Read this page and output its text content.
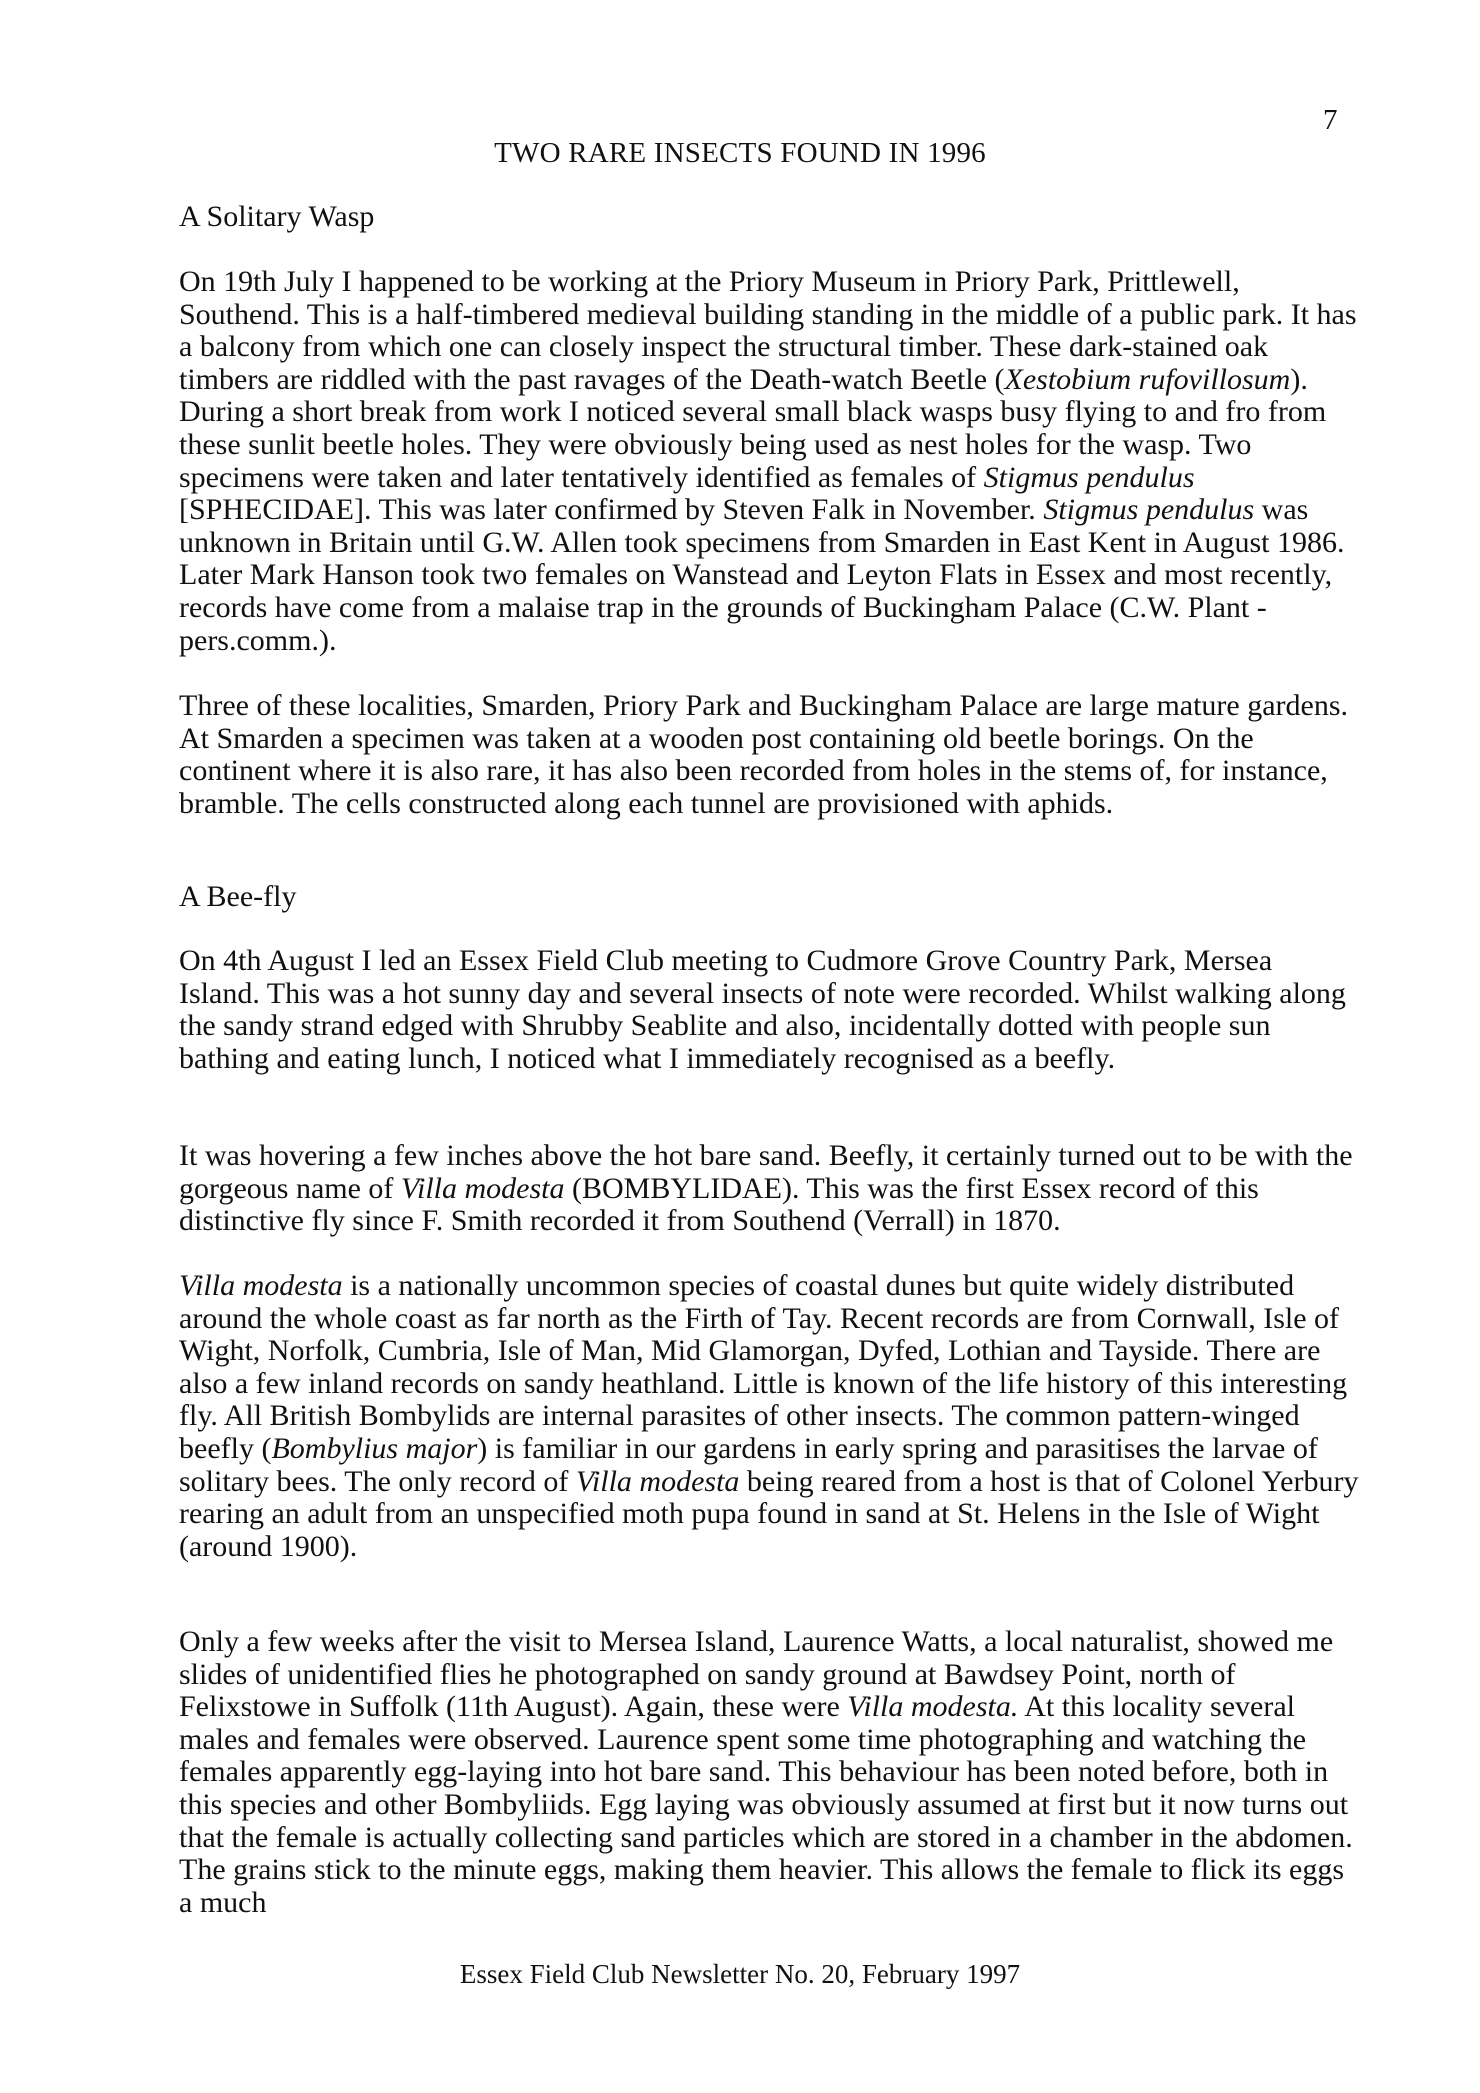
7
TWO RARE INSECTS FOUND IN 1996
A Solitary Wasp

On 19th July I happened to be working at the Priory Museum in Priory Park, Prittlewell, Southend. This is a half-timbered medieval building standing in the middle of a public park. It has a balcony from which one can closely inspect the structural timber. These dark-stained oak timbers are riddled with the past ravages of the Death-watch Beetle (Xestobium rufovillosum). During a short break from work I noticed several small black wasps busy flying to and fro from these sunlit beetle holes. They were obviously being used as nest holes for the wasp. Two specimens were taken and later tentatively identified as females of Stigmus pendulus [SPHECIDAE]. This was later confirmed by Steven Falk in November. Stigmus pendulus was unknown in Britain until G.W. Allen took specimens from Smarden in East Kent in August 1986. Later Mark Hanson took two females on Wanstead and Leyton Flats in Essex and most recently, records have come from a malaise trap in the grounds of Buckingham Palace (C.W. Plant - pers.comm.).

Three of these localities, Smarden, Priory Park and Buckingham Palace are large mature gardens. At Smarden a specimen was taken at a wooden post containing old beetle borings. On the continent where it is also rare, it has also been recorded from holes in the stems of, for instance, bramble. The cells constructed along each tunnel are provisioned with aphids.

A Bee-fly

On 4th August I led an Essex Field Club meeting to Cudmore Grove Country Park, Mersea Island. This was a hot sunny day and several insects of note were recorded. Whilst walking along the sandy strand edged with Shrubby Seablite and also, incidentally dotted with people sun bathing and eating lunch, I noticed what I immediately recognised as a beefly.

It was hovering a few inches above the hot bare sand. Beefly, it certainly turned out to be with the gorgeous name of Villa modesta (BOMBYLIDAE). This was the first Essex record of this distinctive fly since F. Smith recorded it from Southend (Verrall) in 1870.

Villa modesta is a nationally uncommon species of coastal dunes but quite widely distributed around the whole coast as far north as the Firth of Tay. Recent records are from Cornwall, Isle of Wight, Norfolk, Cumbria, Isle of Man, Mid Glamorgan, Dyfed, Lothian and Tayside. There are also a few inland records on sandy heathland. Little is known of the life history of this interesting fly. All British Bombylids are internal parasites of other insects. The common pattern-winged beefly (Bombylius major) is familiar in our gardens in early spring and parasitises the larvae of solitary bees. The only record of Villa modesta being reared from a host is that of Colonel Yerbury rearing an adult from an unspecified moth pupa found in sand at St. Helens in the Isle of Wight (around 1900).

Only a few weeks after the visit to Mersea Island, Laurence Watts, a local naturalist, showed me slides of unidentified flies he photographed on sandy ground at Bawdsey Point, north of Felixstowe in Suffolk (11th August). Again, these were Villa modesta. At this locality several males and females were observed. Laurence spent some time photographing and watching the females apparently egg-laying into hot bare sand. This behaviour has been noted before, both in this species and other Bombyliids. Egg laying was obviously assumed at first but it now turns out that the female is actually collecting sand particles which are stored in a chamber in the abdomen. The grains stick to the minute eggs, making them heavier. This allows the female to flick its eggs a much

Essex Field Club Newsletter No. 20, February 1997
